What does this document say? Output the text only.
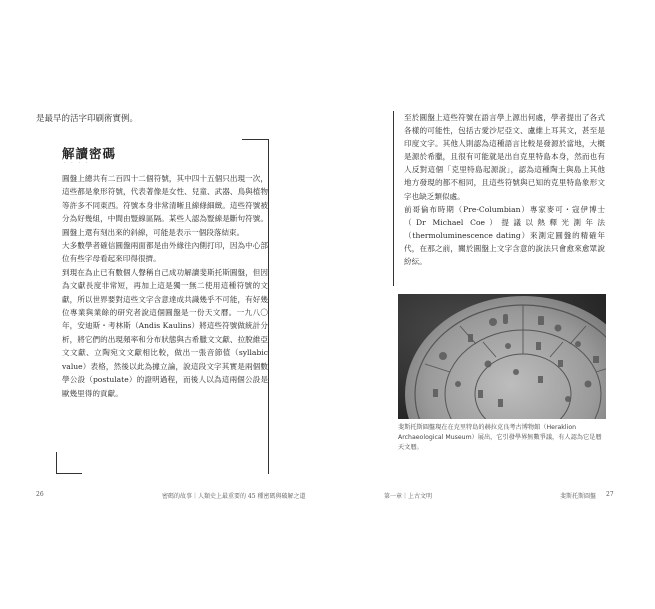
是最早的活字印刷術實例。
解讀密碼
· · · ·

圓盤上總共有二百四十二個符號，其中四十五個只出現一次，這些都是象形符號，代表著像是女性、兒童、武器、鳥與植物等許多不同東西。符號本身非常清晰且線條細緻。這些符號被分為好幾組，中間由豎線區隔。某些人認為豎線是斷句符號。圓盤上還有刻出來的斜線，可能是表示一個段落結束。

大多數學者確信圓盤兩面都是由外緣往內側打印，因為中心部位有些字母看起來印得很擠。

到現在為止已有數個人聲稱自己成功解讀斐斯托斯圓盤，但因為文獻長度非常短，再加上這是獨一無二使用這種符號的文獻，所以世界要對這些文字含意達成共識幾乎不可能，有好幾位專業與業餘的研究者說這個圓盤是一份天文曆。一九八〇年，安迪斯・考林斯（Andis Kaulins）將這些符號做統計分析，將它們的出現頻率和分布狀態與古希臘文文獻、拉脫維亞文文獻、立陶宛文文獻相比較，做出一張音節值（syllabic value）表格，然後以此為據立論，說這段文字其實是兩個數學公設（postulate）的證明過程，而後人以為這兩個公設是歐幾里得的貢獻。

26	密碼的故事｜人類史上最重要的 45 種密碼與破解之道

至於圓盤上這些符號在語言學上源出何處，學者提出了各式各樣的可能性，包括古愛沙尼亞文、盧維上耳其文，甚至是印度文字。其他人則認為這種語言比較是發源於當地，大概是源於希臘，且很有可能就是出自克里特島本身，然而也有人反對這個「克里特島起源說」，認為這種陶土與島上其他地方發現的都不相同，且這些符號與已知的克里特島象形文字也缺乏類似處。

前哥倫布時期（Pre-Columbian）專家麥可・寇伊博士（Dr Michael Coe）提議以熱釋光測年法（thermoluminescence dating）來測定圓盤的精確年代，在那之前，關於圓盤上文字含意的說法只會愈來愈眾說紛紜。

斐斯托斯圓盤現在在克里特島的赫拉克良考古博物館（Heraklion Archaeological Museum）展出，它引發學界無數爭議，有人認為它是曆天文曆。
第一章｜上古文明	斐斯托斯圓盤 27
